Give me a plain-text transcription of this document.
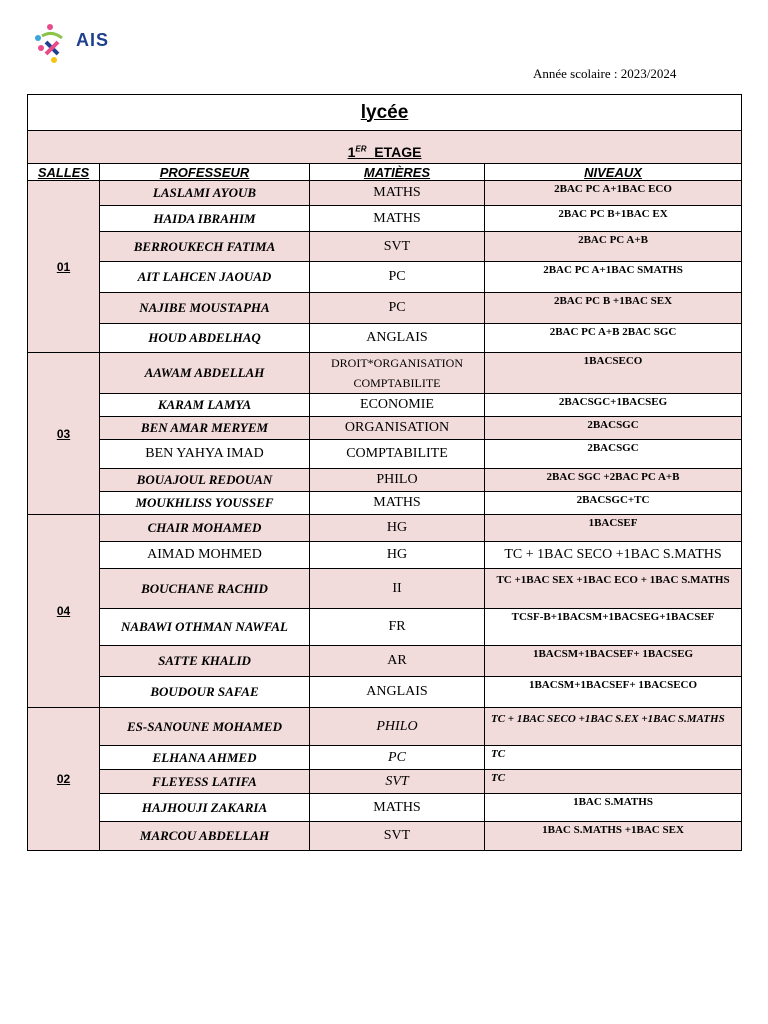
AIS
Année scolaire : 2023/2024
lycée			
1ER ETAGE			
SALLES	PROFESSEUR	MATIÈRES	NIVEAUX
01	LASLAMI AYOUB	MATHS	2BAC PC A+1BAC ECO
	HAIDA IBRAHIM	MATHS	2BAC PC B+1BAC EX
	BERROUKECH FATIMA	SVT	2BAC PC A+B
	AIT LAHCEN JAOUAD	PC	2BAC PC A+1BAC SMATHS
	NAJIBE MOUSTAPHA	PC	2BAC PC B +1BAC SEX
	HOUD ABDELHAQ	ANGLAIS	2BAC PC A+B 2BAC SGC
03	AAWAM ABDELLAH	DROIT*ORGANISATION COMPTABILITE	1BACSECO
	KARAM LAMYA	ECONOMIE	2BACSGC+1BACSEG
	BEN AMAR MERYEM	ORGANISATION	2BACSGC
	BEN YAHYA IMAD	COMPTABILITE	2BACSGC
	BOUAJOUL REDOUAN	PHILO	2BAC SGC +2BAC PC A+B
	MOUKHLISS YOUSSEF	MATHS	2BACSGC+TC
04	CHAIR MOHAMED	HG	1BACSEF
	AIMAD MOHMED	HG	TC + 1BAC SECO +1BAC S.MATHS
	BOUCHANE RACHID	II	TC +1BAC SEX +1BAC ECO + 1BAC S.MATHS
	NABAWI OTHMAN NAWFAL	FR	TCSF-B+1BACSM+1BACSEG+1BACSEF
	SATTE KHALID	AR	1BACSM+1BACSEF+ 1BACSEG
	BOUDOUR SAFAE	ANGLAIS	1BACSM+1BACSEF+ 1BACSECO
02	ES-SANOUNE MOHAMED	PHILO	TC + 1BAC SECO +1BAC S.EX +1BAC S.MATHS
	ELHANA AHMED	PC	TC
	FLEYESS LATIFA	SVT	TC
	HAJHOUJI ZAKARIA	MATHS	1BAC S.MATHS
	MARCOU ABDELLAH	SVT	1BAC S.MATHS +1BAC SEX
